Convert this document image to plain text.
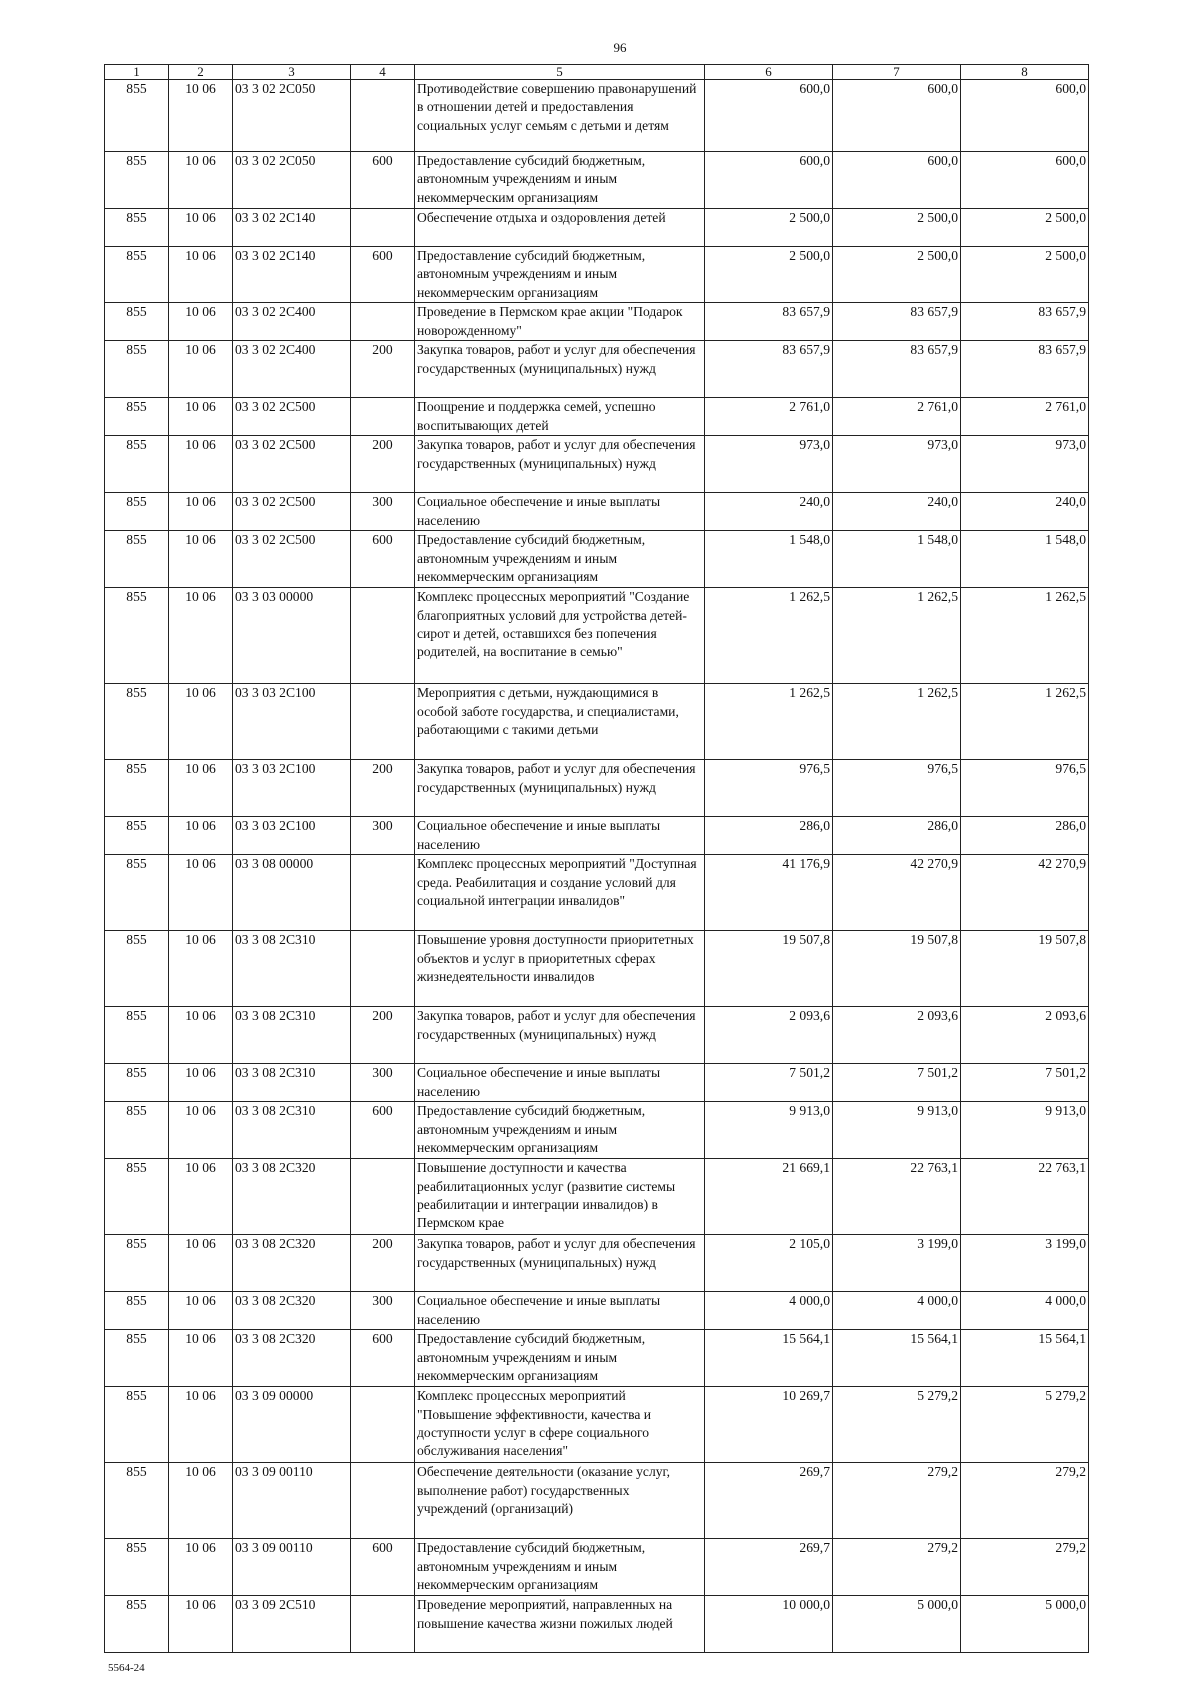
96
1	2	3	4	5	6	7	8
855	10 06	03 3 02 2С050		Противодействие совершению правонарушений в отношении детей и предоставления социальных услуг семьям с детьми и детям	600,0	600,0	600,0
855	10 06	03 3 02 2С050	600	Предоставление субсидий бюджетным, автономным учреждениям и иным некоммерческим организациям	600,0	600,0	600,0
855	10 06	03 3 02 2С140		Обеспечение отдыха и оздоровления детей	2 500,0	2 500,0	2 500,0
855	10 06	03 3 02 2С140	600	Предоставление субсидий бюджетным, автономным учреждениям и иным некоммерческим организациям	2 500,0	2 500,0	2 500,0
855	10 06	03 3 02 2С400		Проведение в Пермском крае акции "Подарок новорожденному"	83 657,9	83 657,9	83 657,9
855	10 06	03 3 02 2С400	200	Закупка товаров, работ и услуг для обеспечения государственных (муниципальных) нужд	83 657,9	83 657,9	83 657,9
855	10 06	03 3 02 2С500		Поощрение и поддержка семей, успешно воспитывающих детей	2 761,0	2 761,0	2 761,0
855	10 06	03 3 02 2С500	200	Закупка товаров, работ и услуг для обеспечения государственных (муниципальных) нужд	973,0	973,0	973,0
855	10 06	03 3 02 2С500	300	Социальное обеспечение и иные выплаты населению	240,0	240,0	240,0
855	10 06	03 3 02 2С500	600	Предоставление субсидий бюджетным, автономным учреждениям и иным некоммерческим организациям	1 548,0	1 548,0	1 548,0
855	10 06	03 3 03 00000		Комплекс процессных мероприятий "Создание благоприятных условий для устройства детей-сирот и детей, оставшихся без попечения родителей, на воспитание в семью"	1 262,5	1 262,5	1 262,5
855	10 06	03 3 03 2С100		Мероприятия с детьми, нуждающимися в особой заботе государства, и специалистами, работающими с такими детьми	1 262,5	1 262,5	1 262,5
855	10 06	03 3 03 2С100	200	Закупка товаров, работ и услуг для обеспечения государственных (муниципальных) нужд	976,5	976,5	976,5
855	10 06	03 3 03 2С100	300	Социальное обеспечение и иные выплаты населению	286,0	286,0	286,0
855	10 06	03 3 08 00000		Комплекс процессных мероприятий "Доступная среда. Реабилитация и создание условий для социальной интеграции инвалидов"	41 176,9	42 270,9	42 270,9
855	10 06	03 3 08 2С310		Повышение уровня доступности приоритетных объектов и услуг в приоритетных сферах жизнедеятельности инвалидов	19 507,8	19 507,8	19 507,8
855	10 06	03 3 08 2С310	200	Закупка товаров, работ и услуг для обеспечения государственных (муниципальных) нужд	2 093,6	2 093,6	2 093,6
855	10 06	03 3 08 2С310	300	Социальное обеспечение и иные выплаты населению	7 501,2	7 501,2	7 501,2
855	10 06	03 3 08 2С310	600	Предоставление субсидий бюджетным, автономным учреждениям и иным некоммерческим организациям	9 913,0	9 913,0	9 913,0
855	10 06	03 3 08 2С320		Повышение доступности и качества реабилитационных услуг (развитие системы реабилитации и интеграции инвалидов) в Пермском крае	21 669,1	22 763,1	22 763,1
855	10 06	03 3 08 2С320	200	Закупка товаров, работ и услуг для обеспечения государственных (муниципальных) нужд	2 105,0	3 199,0	3 199,0
855	10 06	03 3 08 2С320	300	Социальное обеспечение и иные выплаты населению	4 000,0	4 000,0	4 000,0
855	10 06	03 3 08 2С320	600	Предоставление субсидий бюджетным, автономным учреждениям и иным некоммерческим организациям	15 564,1	15 564,1	15 564,1
855	10 06	03 3 09 00000		Комплекс процессных мероприятий "Повышение эффективности, качества и доступности услуг в сфере социального обслуживания населения"	10 269,7	5 279,2	5 279,2
855	10 06	03 3 09 00110		Обеспечение деятельности (оказание услуг, выполнение работ) государственных учреждений (организаций)	269,7	279,2	279,2
855	10 06	03 3 09 00110	600	Предоставление субсидий бюджетным, автономным учреждениям и иным некоммерческим организациям	269,7	279,2	279,2
855	10 06	03 3 09 2С510		Проведение мероприятий, направленных на повышение качества жизни пожилых людей	10 000,0	5 000,0	5 000,0
5564-24
